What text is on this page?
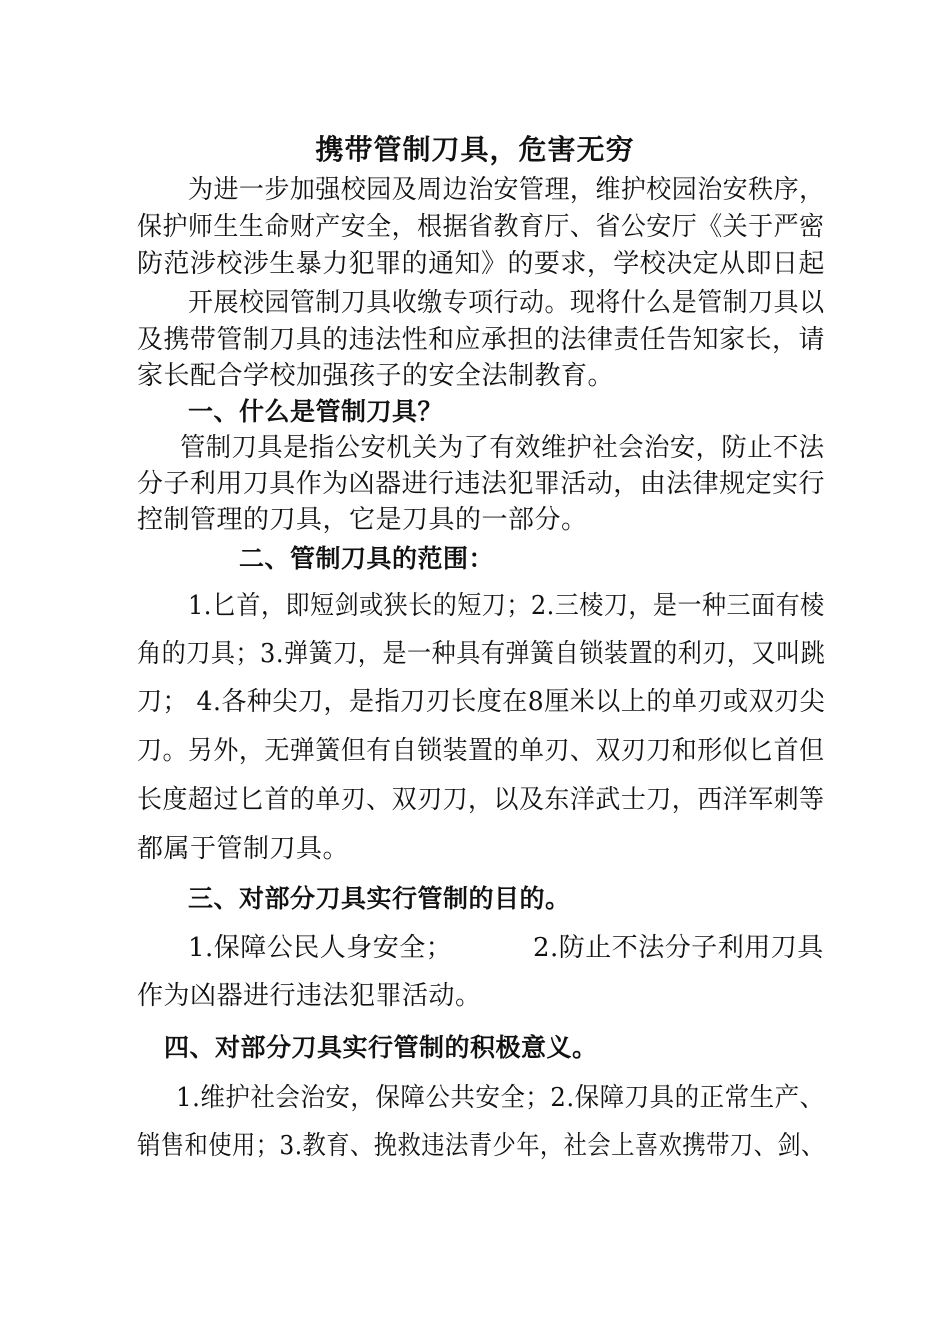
携带管制刀具，危害无穷
为进一步加强校园及周边治安管理，维护校园治安秩序，
保护师生生命财产安全，根据省教育厅、省公安厅《关于严密
防范涉校涉生暴力犯罪的通知》的要求，学校决定从即日起
开展校园管制刀具收缴专项行动。现将什么是管制刀具以
及携带管制刀具的违法性和应承担的法律责任告知家长，请
家长配合学校加强孩子的安全法制教育。
一、什么是管制刀具？
管制刀具是指公安机关为了有效维护社会治安，防止不法
分子利用刀具作为凶器进行违法犯罪活动，由法律规定实行
控制管理的刀具，它是刀具的一部分。
二、管制刀具的范围：
1.匕首，即短剑或狭长的短刀；2.三棱刀，是一种三面有棱
角的刀具；3.弹簧刀，是一种具有弹簧自锁装置的利刃，又叫跳
刀； 4.各种尖刀，是指刀刃长度在8厘米以上的单刃或双刃尖
刀。另外，无弹簧但有自锁装置的单刃、双刃刀和形似匕首但
长度超过匕首的单刃、双刃刀，以及东洋武士刀，西洋军刺等
都属于管制刀具。
三、对部分刀具实行管制的目的。
1.保障公民人身安全；	2.防止不法分子利用刀具
作为凶器进行违法犯罪活动。
四、对部分刀具实行管制的积极意义。
1.维护社会治安，保障公共安全；2.保障刀具的正常生产、
销售和使用；3.教育、挽救违法青少年，社会上喜欢携带刀、剑、
